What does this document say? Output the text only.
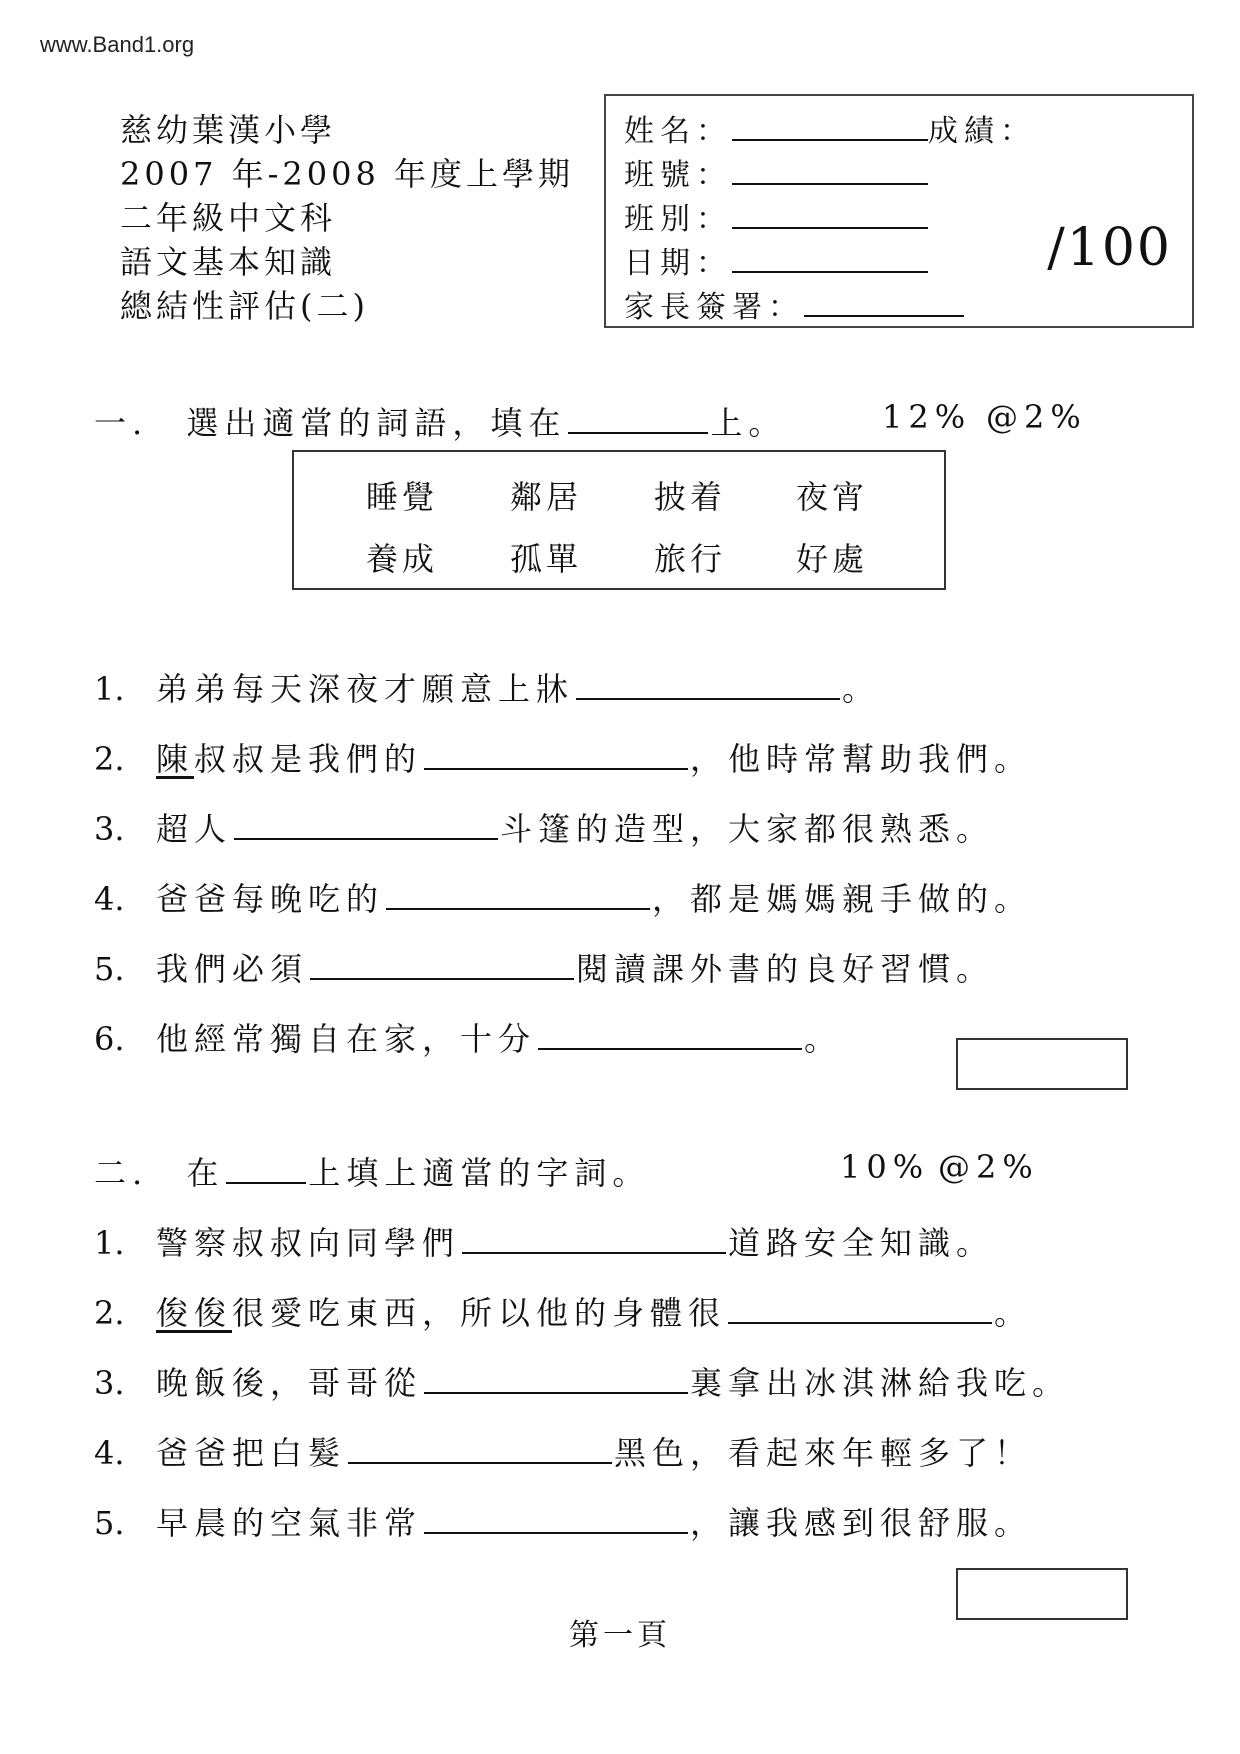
www.Band1.org
慈幼葉漢小學
2007 年-2008 年度上學期
二年級中文科
語文基本知識
總結性評估(二)
姓名：	成績：
班號：
班別：
日期：
家長簽署：
/100
一. 選出適當的詞語，填在	上。	12% @2%
睡覺 鄰居 披着 夜宵
養成 孤單 旅行 好處
1. 弟弟每天深夜才願意上牀	。
2. 陳叔叔是我們的	，他時常幫助我們。
3. 超人	斗篷的造型，大家都很熟悉。
4. 爸爸每晚吃的	，都是媽媽親手做的。
5. 我們必須	閱讀課外書的良好習慣。
6. 他經常獨自在家，十分	。
二. 在	上填上適當的字詞。	10% @2%
1. 警察叔叔向同學們	道路安全知識。
2. 俊俊很愛吃東西，所以他的身體很	。
3. 晚飯後，哥哥從	裏拿出冰淇淋給我吃。
4. 爸爸把白髮	黑色，看起來年輕多了！
5. 早晨的空氣非常	，讓我感到很舒服。
第一頁
